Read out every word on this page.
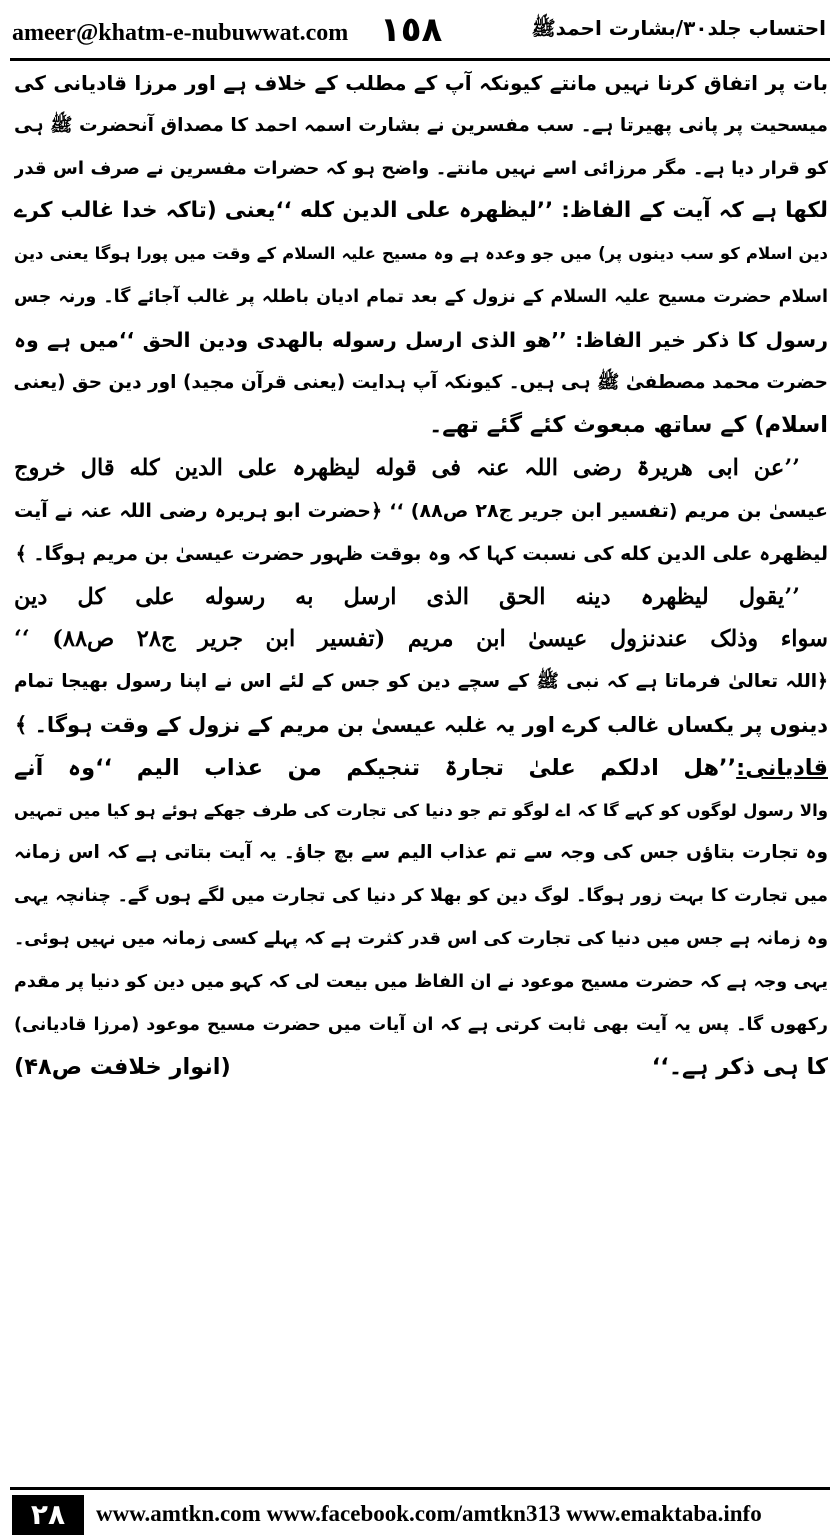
ameer@khatm-e-nubuwwat.com ١٥٨	احتساب جلد۳۰/بشارت احمدﷺ
بات پر اتفاق کرنا نہیں مانتے کیونکہ آپ کے مطلب کے خلاف ہے اور مرزا قادیانی کی
میسحیت پر پانی پھیرتا ہے۔ سب مفسرین نے بشارت اسمہ احمد کا مصداق آنحضرت ﷺ ہی
کو قرار دیا ہے۔ مگر مرزائی اسے نہیں مانتے۔ واضح ہو کہ حضرات مفسرین نے صرف اس قدر
لکھا ہے کہ آیت کے الفاظ: ’’لیظھرہ علی الدین کله ‘‘یعنی (تاکہ خدا غالب کرے
دین اسلام کو سب دینوں پر) میں جو وعدہ ہے وہ مسیح علیہ السلام کے وقت میں پورا ہوگا یعنی دین
اسلام حضرت مسیح علیہ السلام کے نزول کے بعد تمام ادیان باطلہ پر غالب آجائے گا۔ ورنہ جس
رسول کا ذکر خیر الفاظ: ’’ھو الذی ارسل رسوله بالھدی ودین الحق ‘‘میں ہے وہ
حضرت محمد مصطفیٰ ﷺ ہی ہیں۔ کیونکہ آپ ہدایت (یعنی قرآن مجید) اور دین حق (یعنی
اسلام) کے ساتھ مبعوث کئے گئے تھے۔
’’عن ابی ھریرۃ رضی اللہ عنہ فی قوله لیظھرہ علی الدین کله قال خروج
عیسیٰ بن مریم (تفسیر ابن جریر ج۲۸ ص۸۸) ‘‘ ﴿حضرت ابو ہریرہ رضی اللہ عنہ نے آیت
لیظھرہ علی الدین کله کی نسبت کہا کہ وہ بوقت ظہور حضرت عیسیٰ بن مریم ہوگا۔ ﴾
’’یقول لیظھرہ دینه الحق الذی ارسل به رسوله علی کل دین
سواء وذلک عندنزول عیسیٰ ابن مریم (تفسیر ابن جریر ج۲۸ ص۸۸) ‘‘
﴿اللہ تعالیٰ فرماتا ہے کہ نبی ﷺ کے سچے دین کو جس کے لئے اس نے اپنا رسول بھیجا تمام
دینوں پر یکساں غالب کرے اور یہ غلبہ عیسیٰ بن مریم کے نزول کے وقت ہوگا۔ ﴾
قادیانی:’’ھل ادلکم علیٰ تجارۃ تنجیکم من عذاب الیم ‘‘وہ آنے
والا رسول لوگوں کو کہے گا کہ اے لوگو تم جو دنیا کی تجارت کی طرف جھکے ہوئے ہو کیا میں تمہیں
وہ تجارت بتاؤں جس کی وجہ سے تم عذاب الیم سے بچ جاؤ۔ یہ آیت بتاتی ہے کہ اس زمانہ
میں تجارت کا بہت زور ہوگا۔ لوگ دین کو بھلا کر دنیا کی تجارت میں لگے ہوں گے۔ چنانچہ یہی
وہ زمانہ ہے جس میں دنیا کی تجارت کی اس قدر کثرت ہے کہ پہلے کسی زمانہ میں نہیں ہوئی۔
یہی وجہ ہے کہ حضرت مسیح موعود نے ان الفاظ میں بیعت لی کہ کہو میں دین کو دنیا پر مقدم
رکھوں گا۔ پس یہ آیت بھی ثابت کرتی ہے کہ ان آیات میں حضرت مسیح موعود (مرزا قادیانی)
کا ہی ذکر ہے۔‘‘
(انوار خلافت ص۴۸)
۲۸	www.amtkn.com www.facebook.com/amtkn313 www.emaktaba.info
